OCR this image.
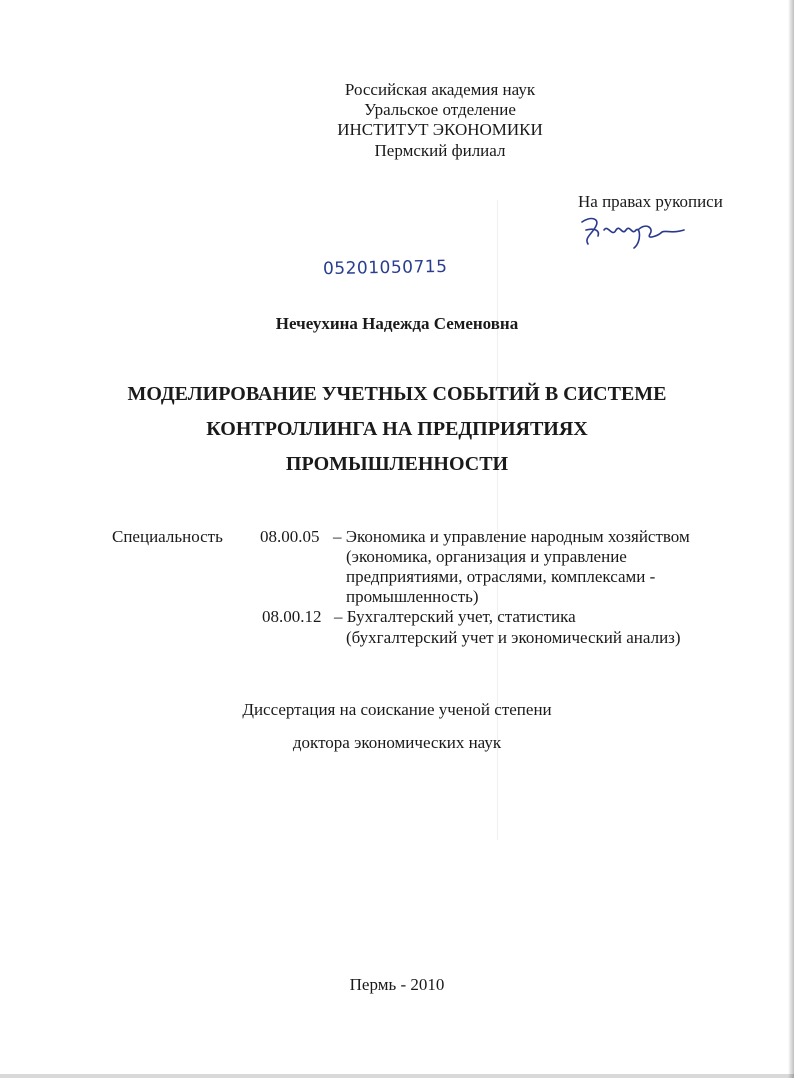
Российская академия наук
Уральское отделение
ИНСТИТУТ ЭКОНОМИКИ
Пермский филиал
На правах рукописи
05201050715
Нечеухина Надежда Семеновна
МОДЕЛИРОВАНИЕ УЧЕТНЫХ СОБЫТИЙ В СИСТЕМЕ
КОНТРОЛЛИНГА НА ПРЕДПРИЯТИЯХ
ПРОМЫШЛЕННОСТИ
Специальность 08.00.05 – Экономика и управление народным хозяйством
(экономика, организация и управление
предприятиями, отраслями, комплексами -
промышленность)
08.00.12 – Бухгалтерский учет, статистика
(бухгалтерский учет и экономический анализ)
Диссертация на соискание ученой степени
доктора экономических наук
Пермь - 2010
